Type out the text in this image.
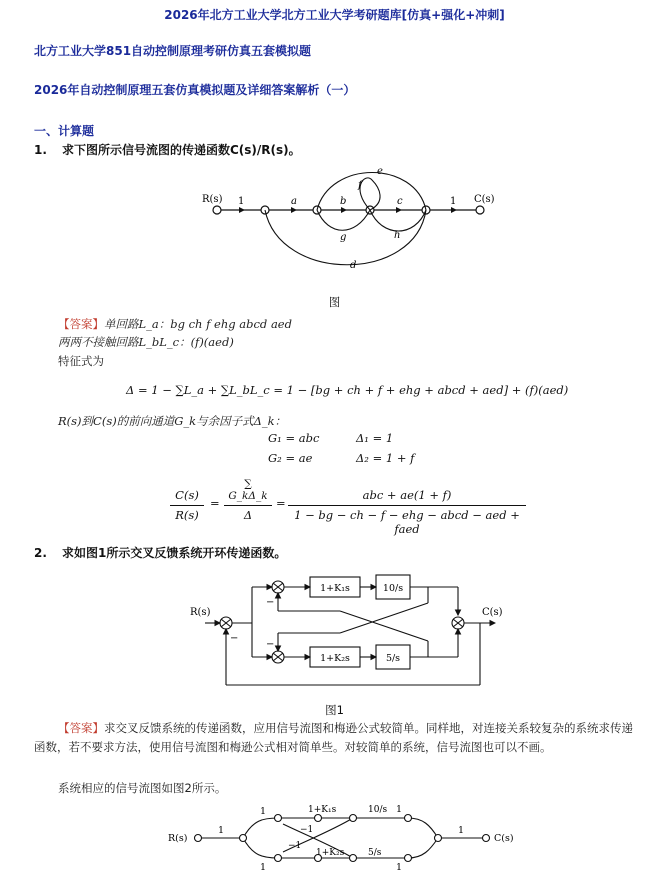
2026年北方工业大学北方工业大学考研题库[仿真+强化+冲刺]
北方工业大学851自动控制原理考研仿真五套模拟题
2026年自动控制原理五套仿真模拟题及详细答案解析（一）
一、计算题
1. 求下图所示信号流图的传递函数C(s)/R(s)。
R(s) 1	a	b	c	1 C(s)
e
f
g	h
d
图
【答案】单回路L_a：bg ch f ehg abcd aed
两两不接触回路L_bL_c：(f)(aed)
特征式为
Δ = 1 − ∑L_a + ∑L_bL_c = 1 − [bg + ch + f + ehg + abcd + aed] + (f)(aed)
R(s)到C(s)的前向通道G_k与余因子式Δ_k：
G₁ = abc	Δ₁ = 1
G₂ = ae	Δ₂ = 1 + f
C(s)
R(s)
=
∑ G_kΔ_k
Δ
=
abc + ae(1 + f)
1 − bg − ch − f − ehg − abcd − aed + faed
2. 求如图1所示交叉反馈系统开环传递函数。
R(s)	C(s)
1+K₁s	10/s
1+K₂s	5/s
−
−
−
图1
【答案】求交叉反馈系统的传递函数，应用信号流图和梅逊公式较简单。同样地，对连接关系较复杂的系统求传递函数，若不要求方法，使用信号流图和梅逊公式相对简单些。对较简单的系统，信号流图也可以不画。
系统相应的信号流图如图2所示。
R(s)	C(s)
1
1
1
1+K₁s	10/s 1
1+K₂s	5/s
1
1
−1
−1
